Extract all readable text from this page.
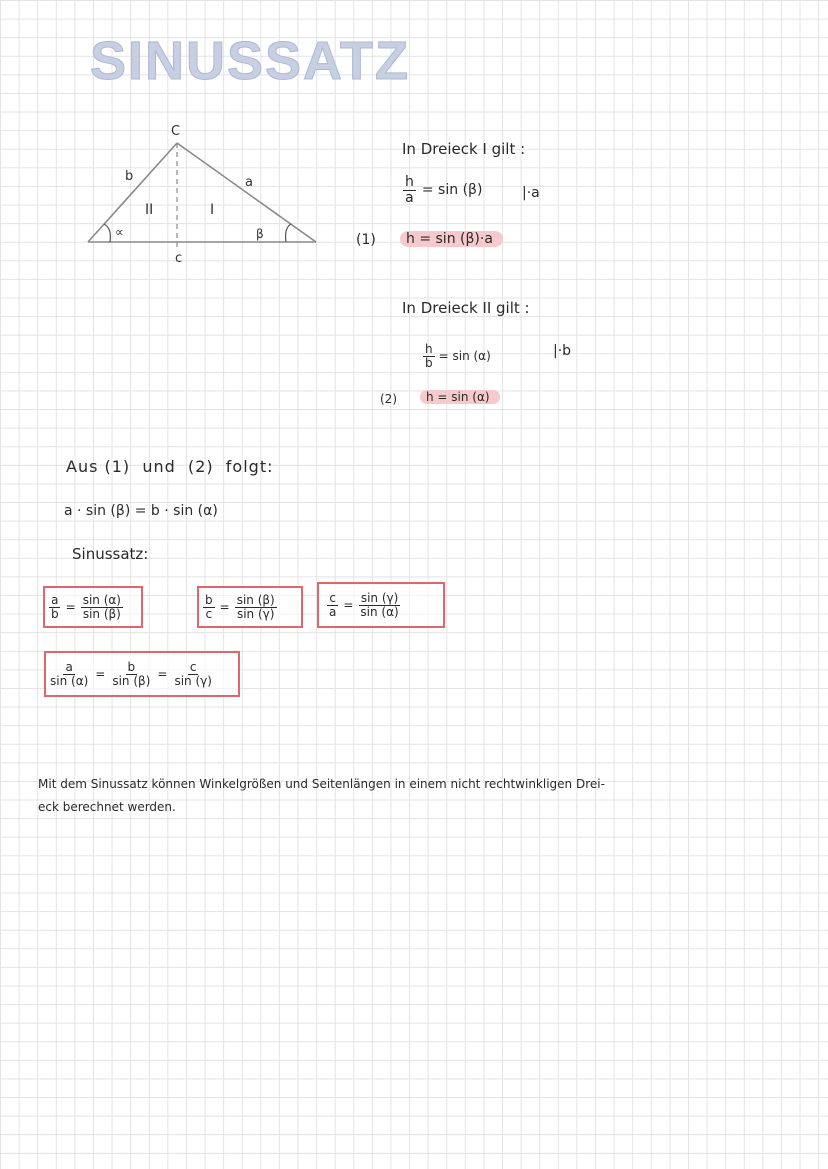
SINUSSATZ
C
b	a
II	I
∝	β
c
In Dreieck I gilt :
$\frac{h}{a} = \sin (\beta)$	|·a
(1)	h = sin (β)·a
In Dreieck II gilt :
$\frac{h}{b} = \sin (\alpha)$	|·b
(2)	h = sin (α)
Aus (1)  und  (2)  folgt:
a · sin (β) = b · sin (α)
Sinussatz:
$\frac{a}{b} = \frac{\sin (\alpha)}{\sin (\beta)}$	$\frac{b}{c} = \frac{\sin (\beta)}{\sin (\gamma)}$	$\frac{c}{a} = \frac{\sin (\gamma)}{\sin (\alpha)}$
$\frac{a}{\sin (\alpha)} = \frac{b}{\sin (\beta)} = \frac{c}{\sin (\gamma)}$
Mit dem Sinussatz können Winkelgrößen und Seitenlängen in einem nicht rechtwinkligen Drei-
eck berechnet werden.
